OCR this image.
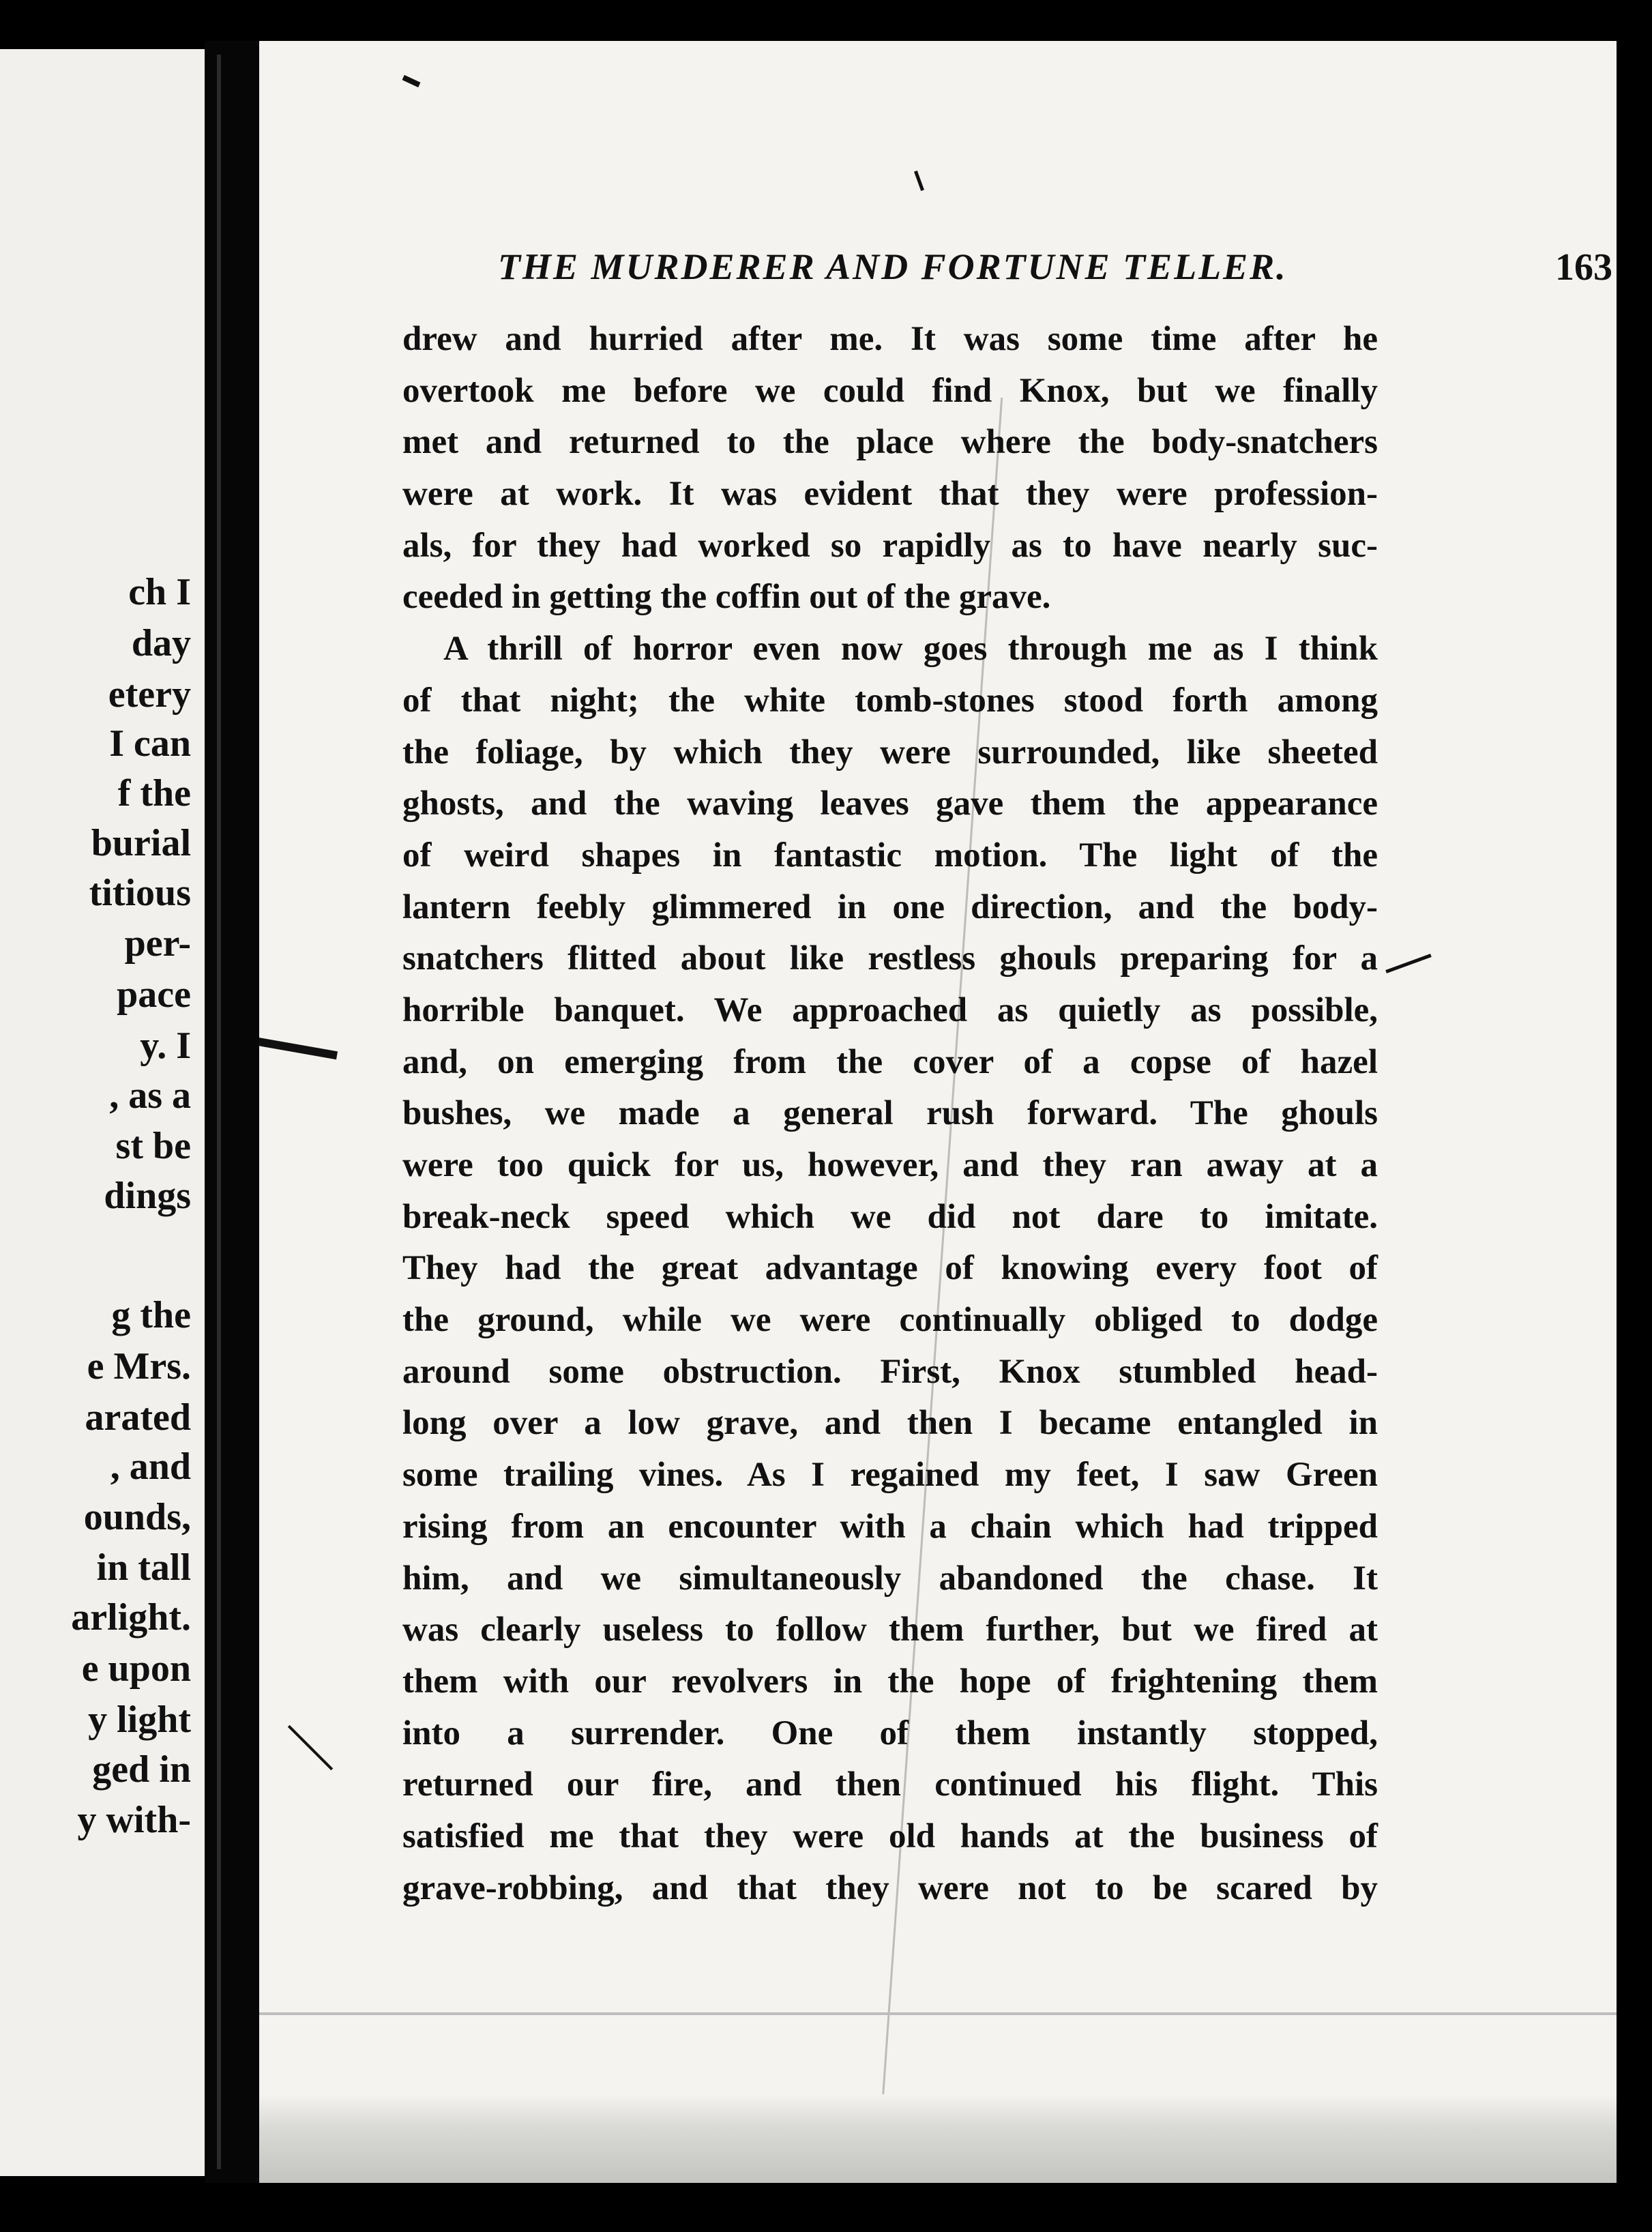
ch I
day
etery
I can
f the
burial
titious
per-
pace
y. I
, as a
st be
dings
g the
e Mrs.
arated
, and
ounds,
in tall
arlight.
e upon
y light
ged in
y with-
THE MURDERER AND FORTUNE TELLER.	163
drew and hurried after me. It was some time after he
overtook me before we could find Knox, but we finally
met and returned to the place where the body-snatchers
were at work. It was evident that they were profession-
als, for they had worked so rapidly as to have nearly suc-
ceeded in getting the coffin out of the grave.
A thrill of horror even now goes through me as I think
of that night; the white tomb-stones stood forth among
the foliage, by which they were surrounded, like sheeted
ghosts, and the waving leaves gave them the appearance
of weird shapes in fantastic motion. The light of the
lantern feebly glimmered in one direction, and the body-
snatchers flitted about like restless ghouls preparing for a
horrible banquet. We approached as quietly as possible,
and, on emerging from the cover of a copse of hazel
bushes, we made a general rush forward. The ghouls
were too quick for us, however, and they ran away at a
break-neck speed which we did not dare to imitate.
They had the great advantage of knowing every foot of
the ground, while we were continually obliged to dodge
around some obstruction. First, Knox stumbled head-
long over a low grave, and then I became entangled in
some trailing vines. As I regained my feet, I saw Green
rising from an encounter with a chain which had tripped
him, and we simultaneously abandoned the chase. It
was clearly useless to follow them further, but we fired at
them with our revolvers in the hope of frightening them
into a surrender. One of them instantly stopped,
returned our fire, and then continued his flight. This
satisfied me that they were old hands at the business of
grave-robbing, and that they were not to be scared by
